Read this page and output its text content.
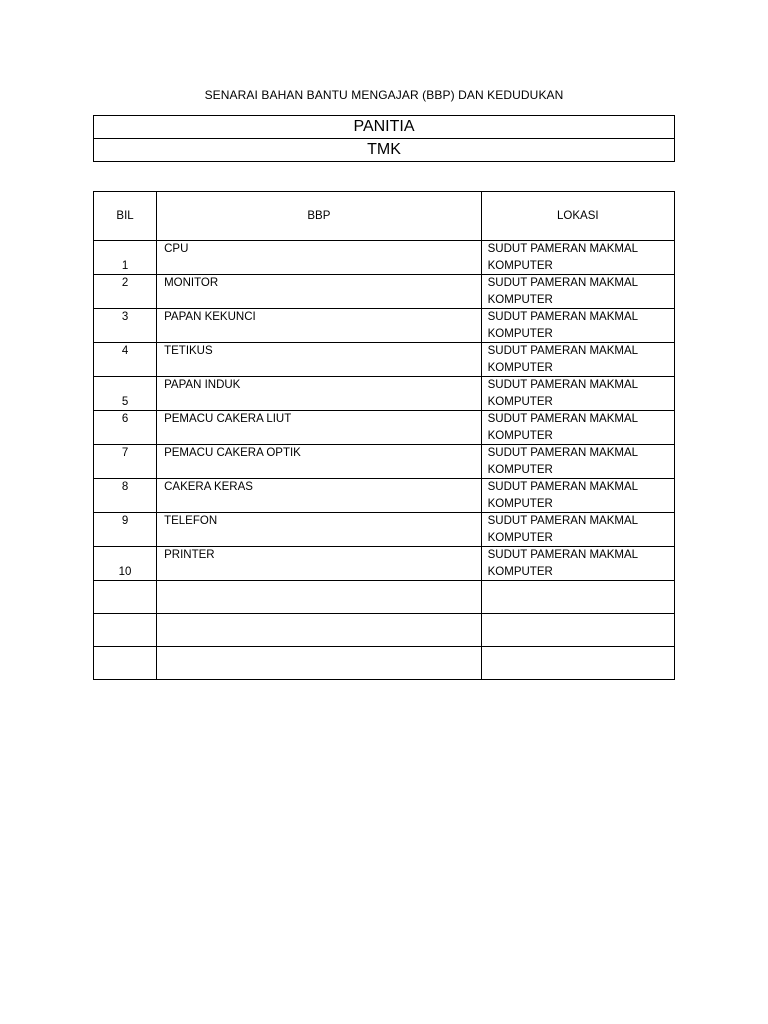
SENARAI BAHAN BANTU MENGAJAR (BBP) DAN KEDUDUKAN
PANITIA
TMK
BIL	BBP	LOKASI
1	CPU	SUDUT PAMERAN MAKMAL
KOMPUTER

2	MONITOR	SUDUT PAMERAN MAKMAL
KOMPUTER

3	PAPAN KEKUNCI	SUDUT PAMERAN MAKMAL
KOMPUTER

4	TETIKUS	SUDUT PAMERAN MAKMAL
KOMPUTER

5	PAPAN INDUK	SUDUT PAMERAN MAKMAL
KOMPUTER

6	PEMACU CAKERA LIUT	SUDUT PAMERAN MAKMAL
KOMPUTER

7	PEMACU CAKERA OPTIK	SUDUT PAMERAN MAKMAL
KOMPUTER

8	CAKERA KERAS	SUDUT PAMERAN MAKMAL
KOMPUTER

9	TELEFON	SUDUT PAMERAN MAKMAL
KOMPUTER

10	PRINTER	SUDUT PAMERAN MAKMAL
KOMPUTER
